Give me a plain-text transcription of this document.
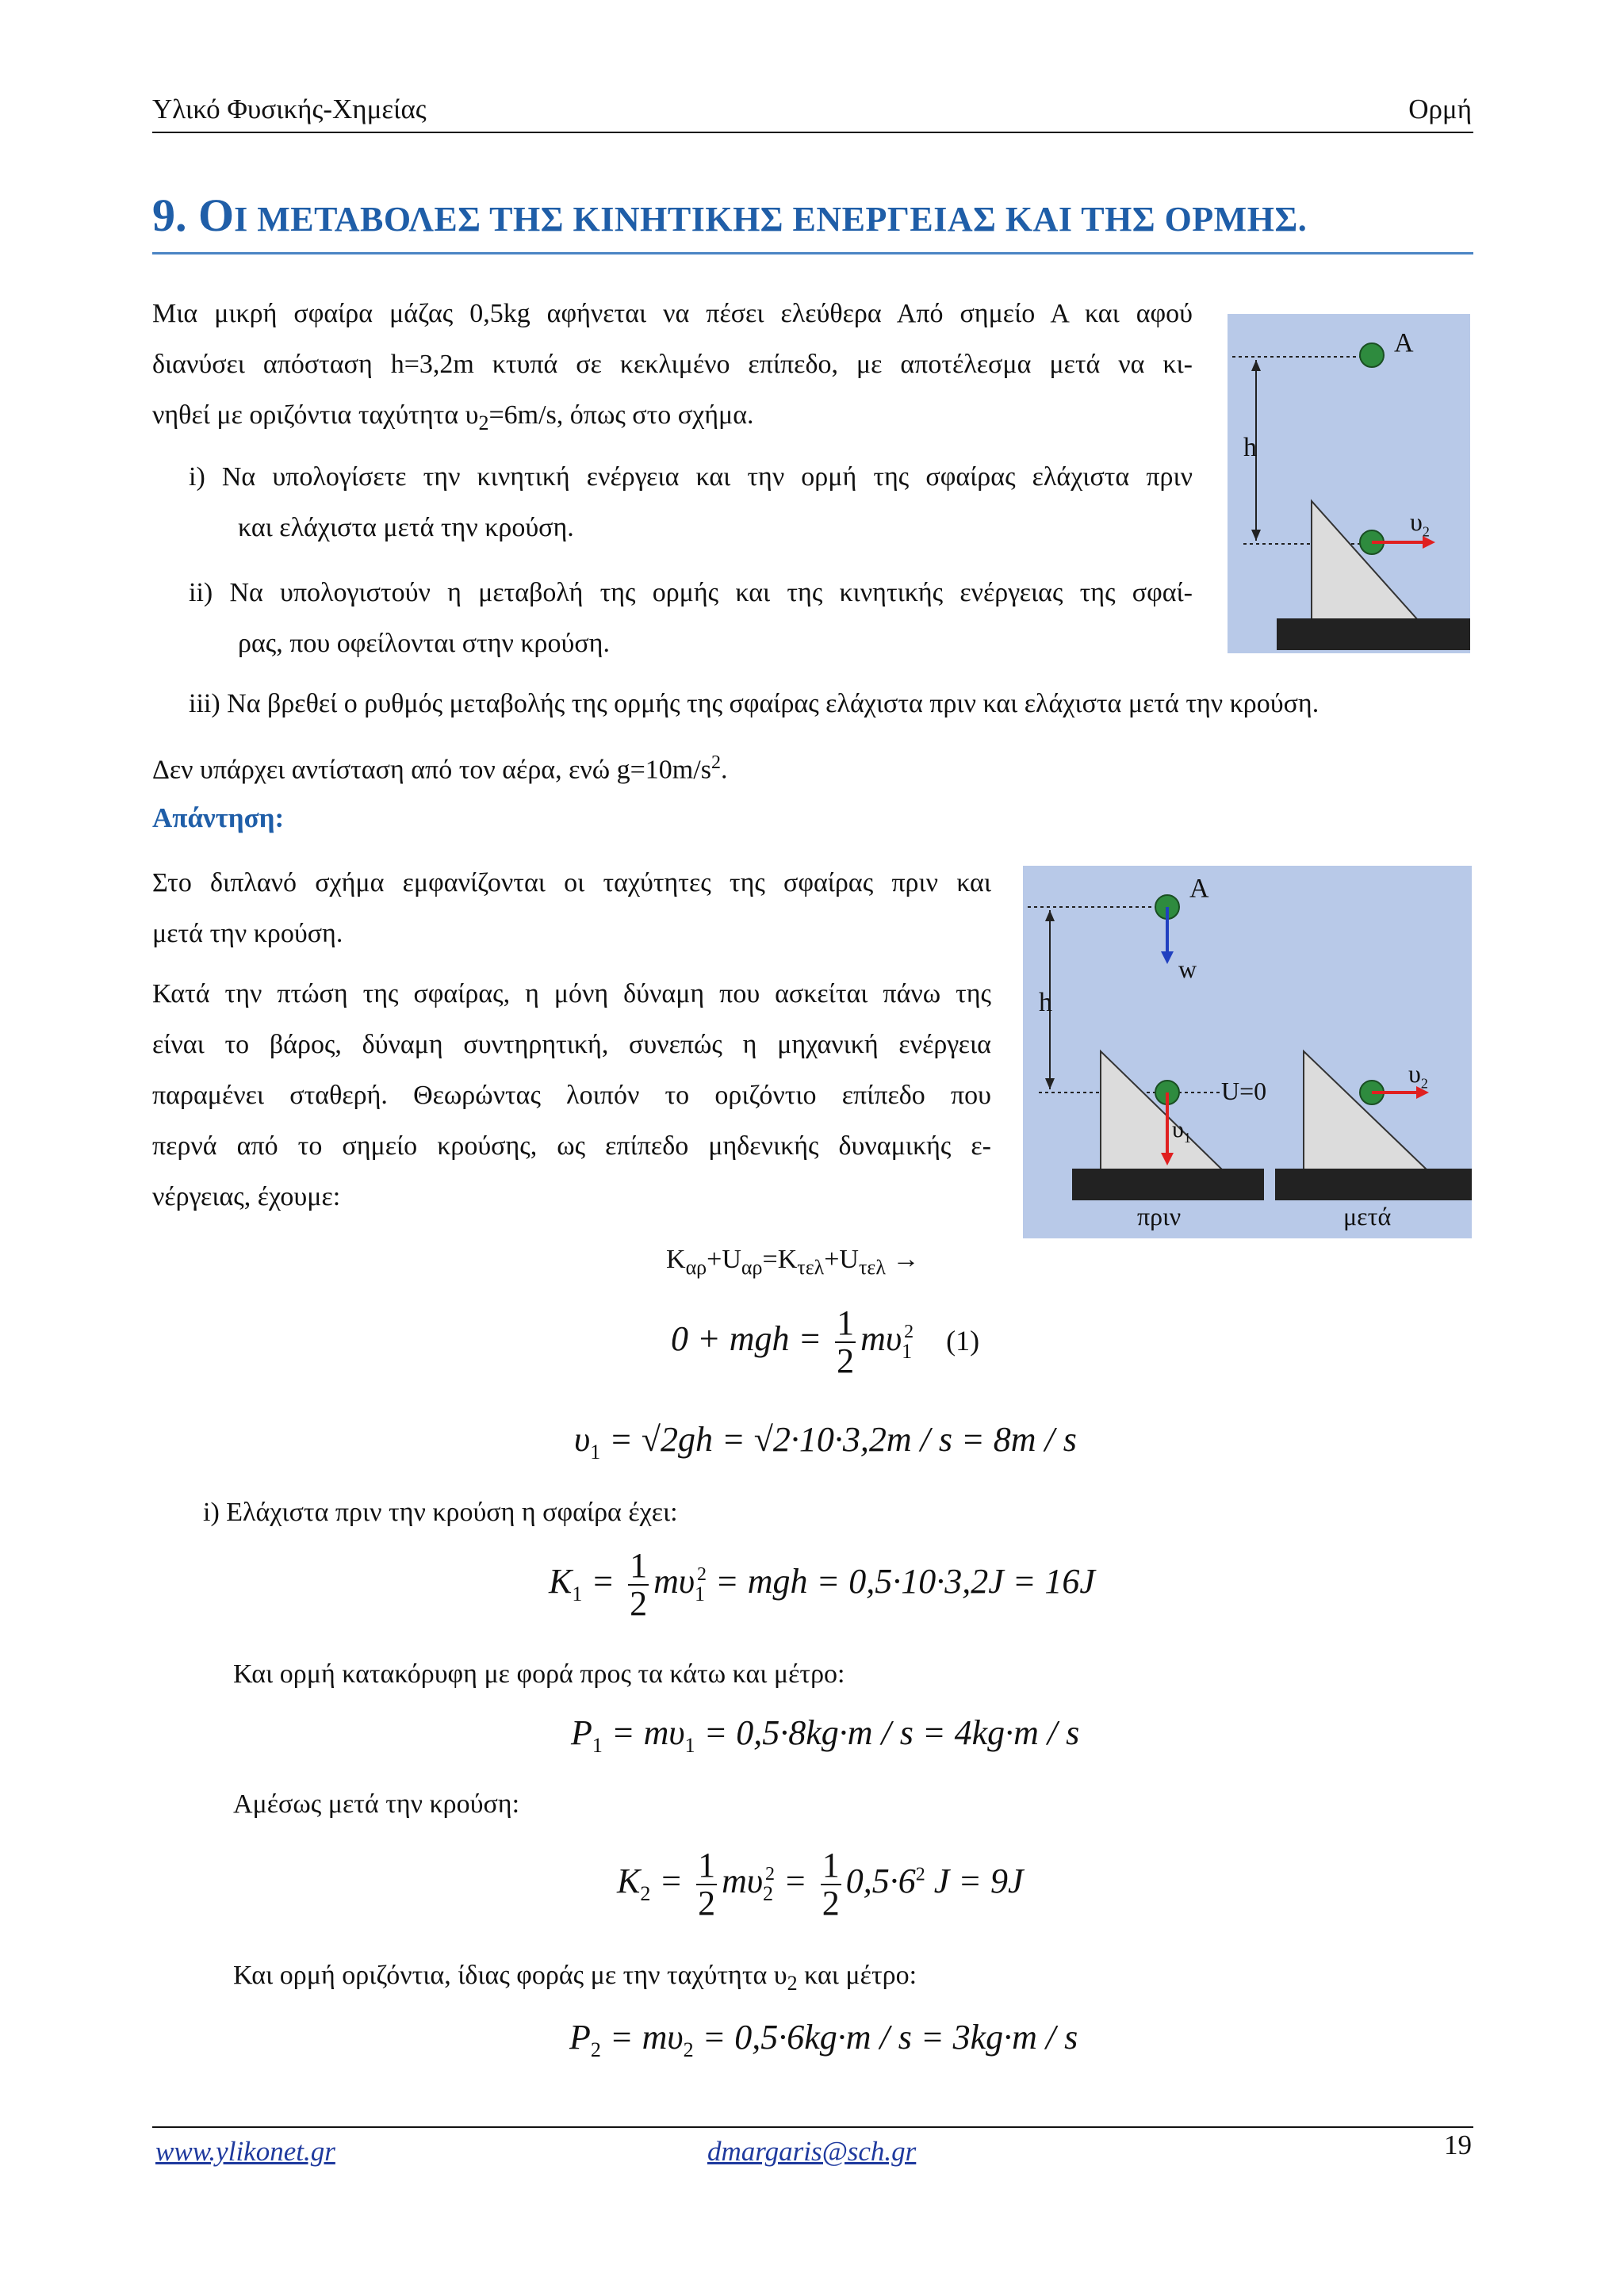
Υλικό Φυσικής-Χημείας	Ορμή
9. ΟΙ ΜΕΤΑΒΟΛΕΣ ΤΗΣ ΚΙΝΗΤΙΚΗΣ ΕΝΕΡΓΕΙΑΣ ΚΑΙ ΤΗΣ ΟΡΜΗΣ.

Μια μικρή σφαίρα μάζας 0,5kg αφήνεται να πέσει ελεύθερα Από σημείο Α και αφού

διανύσει απόσταση h=3,2m κτυπά σε κεκλιμένο επίπεδο, με αποτέλεσμα μετά να κι-

νηθεί με οριζόντια ταχύτητα $\upsilon_2=6m/s$, όπως στο σχήμα.

i) Να υπολογίσετε την κινητική ενέργεια και την ορμή της σφαίρας ελάχιστα πριν

και ελάχιστα μετά την κρούση.

ii) Να υπολογιστούν η μεταβολή της ορμής και της κινητικής ενέργειας της σφαί-

ρας, που οφείλονται στην κρούση.

iii) Να βρεθεί ο ρυθμός μεταβολής της ορμής της σφαίρας ελάχιστα πριν και ελάχιστα μετά την κρούση.

Δεν υπάρχει αντίσταση από τον αέρα, ενώ $g=10m/s^2$.

Α
h
$\upsilon_2$
Απάντηση:

Στο διπλανό σχήμα εμφανίζονται οι ταχύτητες της σφαίρας πριν και

μετά την κρούση.

Κατά την πτώση της σφαίρας, η μόνη δύναμη που ασκείται πάνω της

είναι το βάρος, δύναμη συντηρητική, συνεπώς η μηχανική ενέργεια

παραμένει σταθερή. Θεωρώντας λοιπόν το οριζόντιο επίπεδο που

περνά από το σημείο κρούσης, ως επίπεδο μηδενικής δυναμικής ε-

νέργειας, έχουμε:

Α
w
h
U=0
$\upsilon_1$
$\upsilon_2$
πριν	μετά
$K_{\alpha\rho}+U_{\alpha\rho}=K_{\tau\varepsilon\lambda}+U_{\tau\varepsilon\lambda}$ →
0 + mgh = $\frac{1}{2} m\upsilon_1^2$ (1)
$\upsilon_1 = √2gh = √2\cdot 10\cdot 3,2m / s = 8m / s$

i) Ελάχιστα πριν την κρούση η σφαίρα έχει:

$K_1 = \frac{1}{2} m\upsilon_1^2$ = mgh = 0,5·10·3,2J = 16J

Και ορμή κατακόρυφη με φορά προς τα κάτω και μέτρο:

$P_1 = m\upsilon_1 = 0,5\cdot 8kg\cdot m / s = 4kg\cdot m / s$

Αμέσως μετά την κρούση:

$K_2 = \frac{1}{2} m\upsilon_2^2 = \frac{1}{2} 0,5\cdot 6^2$ J = 9J

Και ορμή οριζόντια, ίδιας φοράς με την ταχύτητα $\upsilon_2$ και μέτρο:

$P_2 = m\upsilon_2 = 0,5\cdot 6kg\cdot m / s = 3kg\cdot m / s$
www.ylikonet.gr	dmargaris@sch.gr	19
